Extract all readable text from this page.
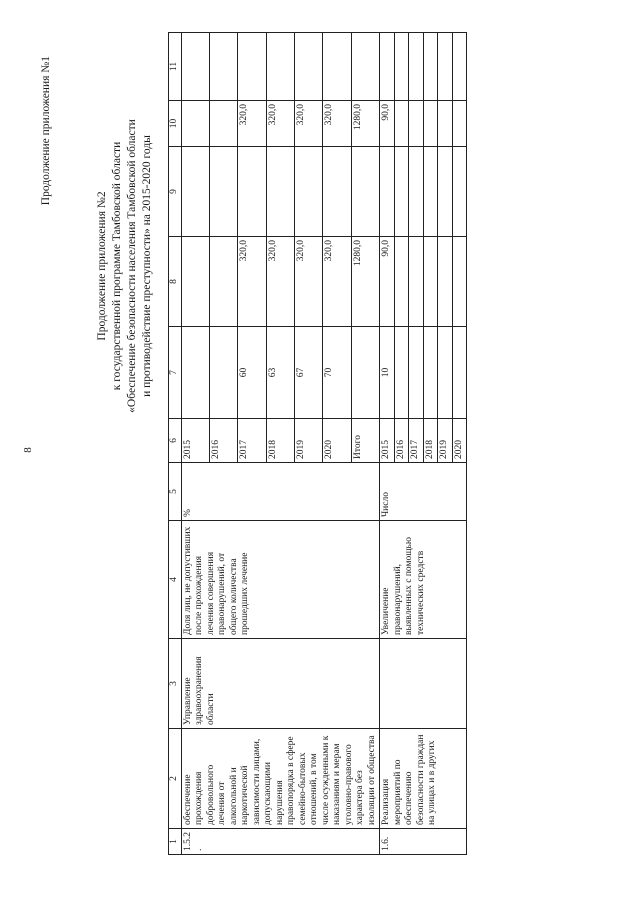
8
Продолжение приложения №1
Продолжение приложения №2 к государственной программе Тамбовской области «Обеспечение безопасности населения Тамбовской области и противодействие преступности» на 2015-2020 годы
1	2	3	4	5	6	7	8	9	10	11	
1.5.2.	обеспечение прохождения добровольного лечения от алкогольной и наркотической зависимости лицами, допускающими нарушения правопорядка в сфере семейно-бытовых отношений, в том числе осужденными к наказаниям и мерам уголовно-правового характера без изоляции от общества	Управление здравоохранения области	Доля лиц, не допустивших после прохождения лечения совершения правонарушений, от общего количества прошедших лечение	%	2015						
					2016						
					2017	60	320,0		320,0		
					2018	63	320,0		320,0		
					2019	67	320,0		320,0		
					2020	70	320,0		320,0		
					Итого		1280,0		1280,0		
1.6.	Реализация мероприятий по обеспечению безопасности граждан на улицах и в других		Увеличение правонарушений, выявленных с помощью технических средств	Число	2015	10	90,0		90,0		
					2016						
					2017						
					2018						
					2019						
					2020						
